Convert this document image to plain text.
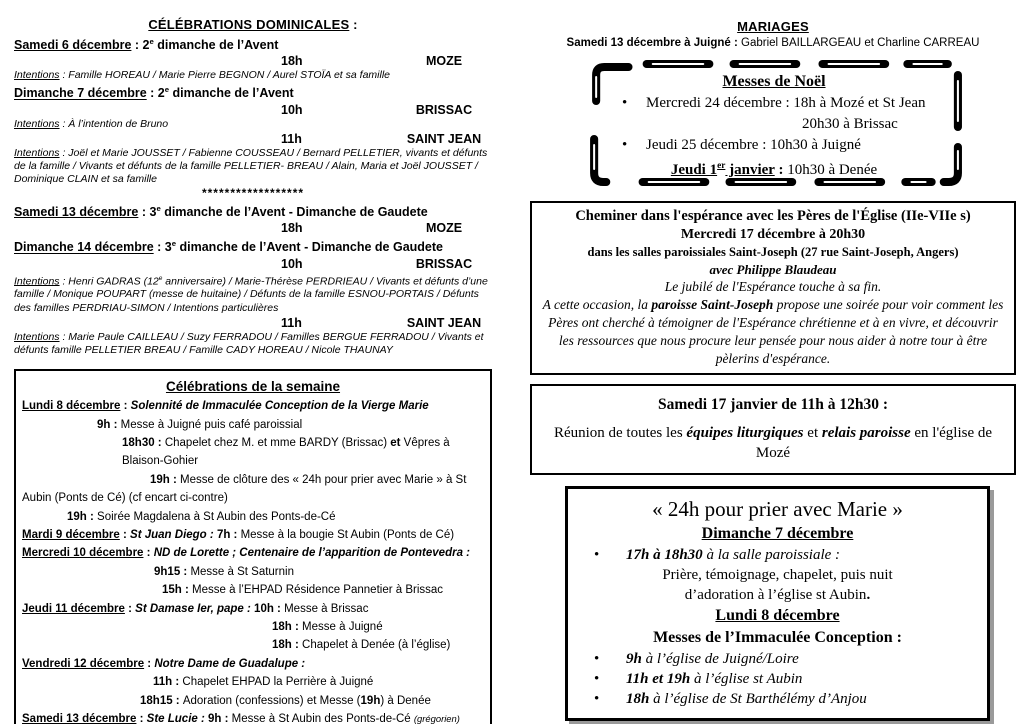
CÉLÉBRATIONS DOMINICALES :
Samedi 6 décembre : 2e dimanche de l’Avent
18h	MOZE
Intentions : Famille HOREAU / Marie Pierre BEGNON / Aurel STOÏA et sa famille
Dimanche 7 décembre : 2e dimanche de l’Avent
10h	BRISSAC
Intentions : À l’intention de Bruno
11h	SAINT JEAN
Intentions : Joël et Marie JOUSSET / Fabienne COUSSEAU / Bernard PELLETIER, vivants et défunts de la famille / Vivants et défunts de la famille PELLETIER- BREAU / Alain, Maria et Joël JOUSSET / Dominique CLAIN et sa famille
******************
Samedi 13 décembre : 3e dimanche de l’Avent - Dimanche de Gaudete
18h	MOZE
Dimanche 14 décembre : 3e dimanche de l’Avent - Dimanche de Gaudete
10h	BRISSAC
Intentions : Henri GADRAS (12e anniversaire) / Marie-Thérèse PERDRIEAU / Vivants et défunts d’une famille / Monique POUPART (messe de huitaine) / Défunts de la famille ESNOU-PORTAIS / Défunts des familles PERDRIAU-SIMON / Intentions particulières
11h	SAINT JEAN
Intentions : Marie Paule CAILLEAU / Suzy FERRADOU / Familles BERGUE FERRADOU / Vivants et défunts famille PELLETIER BREAU / Famille CADY HOREAU / Nicole THAUNAY
Célébrations de la semaine
Lundi 8 décembre : Solennité de Immaculée Conception de la Vierge Marie
9h : Messe à Juigné puis café paroissial
18h30 : Chapelet chez M. et mme BARDY (Brissac) et Vêpres à Blaison-Gohier
19h : Messe de clôture des « 24h pour prier avec Marie » à St Aubin (Ponts de Cé) (cf encart ci-contre)
19h : Soirée Magdalena à St Aubin des Ponts-de-Cé
Mardi 9 décembre : St Juan Diego : 7h : Messe à la bougie St Aubin (Ponts de Cé)
Mercredi 10 décembre : ND de Lorette ; Centenaire de l’apparition de Pontevedra :
9h15 : Messe à St Saturnin
15h : Messe à l’EHPAD Résidence Pannetier à Brissac
Jeudi 11 décembre : St Damase Ier, pape : 10h : Messe à Brissac
18h : Messe à Juigné
18h : Chapelet à Denée (à l’église)
Vendredi 12 décembre : Notre Dame de Guadalupe :
11h : Chapelet EHPAD la Perrière à Juigné
18h15 : Adoration (confessions) et Messe (19h) à Denée
Samedi 13 décembre : Ste Lucie : 9h : Messe à St Aubin des Ponts-de-Cé (grégorien)
MARIAGES
Samedi 13 décembre à Juigné : Gabriel BAILLARGEAU et Charline CARREAU
Messes de Noël
• Mercredi 24 décembre : 18h à Mozé et St Jean
20h30 à Brissac
• Jeudi 25 décembre : 10h30 à Juigné
Jeudi 1er janvier : 10h30 à Denée
Cheminer dans l'espérance avec les Pères de l'Église (IIe-VIIe s)
Mercredi 17 décembre à 20h30
dans les salles paroissiales Saint-Joseph (27 rue Saint-Joseph, Angers)
avec Philippe Blaudeau
Le jubilé de l'Espérance touche à sa fin.
A cette occasion, la paroisse Saint-Joseph propose une soirée pour voir comment les Pères ont cherché à témoigner de l'Espérance chrétienne et à en vivre, et découvrir les ressources que nous procure leur pensée pour nous aider à notre tour à être pèlerins d'espérance.
Samedi 17 janvier de 11h à 12h30 :
Réunion de toutes les équipes liturgiques et relais paroisse en l'église de Mozé
« 24h pour prier avec Marie »
Dimanche 7 décembre
• 17h à 18h30 à la salle paroissiale :
Prière, témoignage, chapelet, puis nuit
d’adoration à l’église st Aubin.
Lundi 8 décembre
Messes de l’Immaculée Conception :
• 9h à l’église de Juigné/Loire
• 11h et 19h à l’église st Aubin
• 18h à l’église de St Barthélémy d’Anjou
